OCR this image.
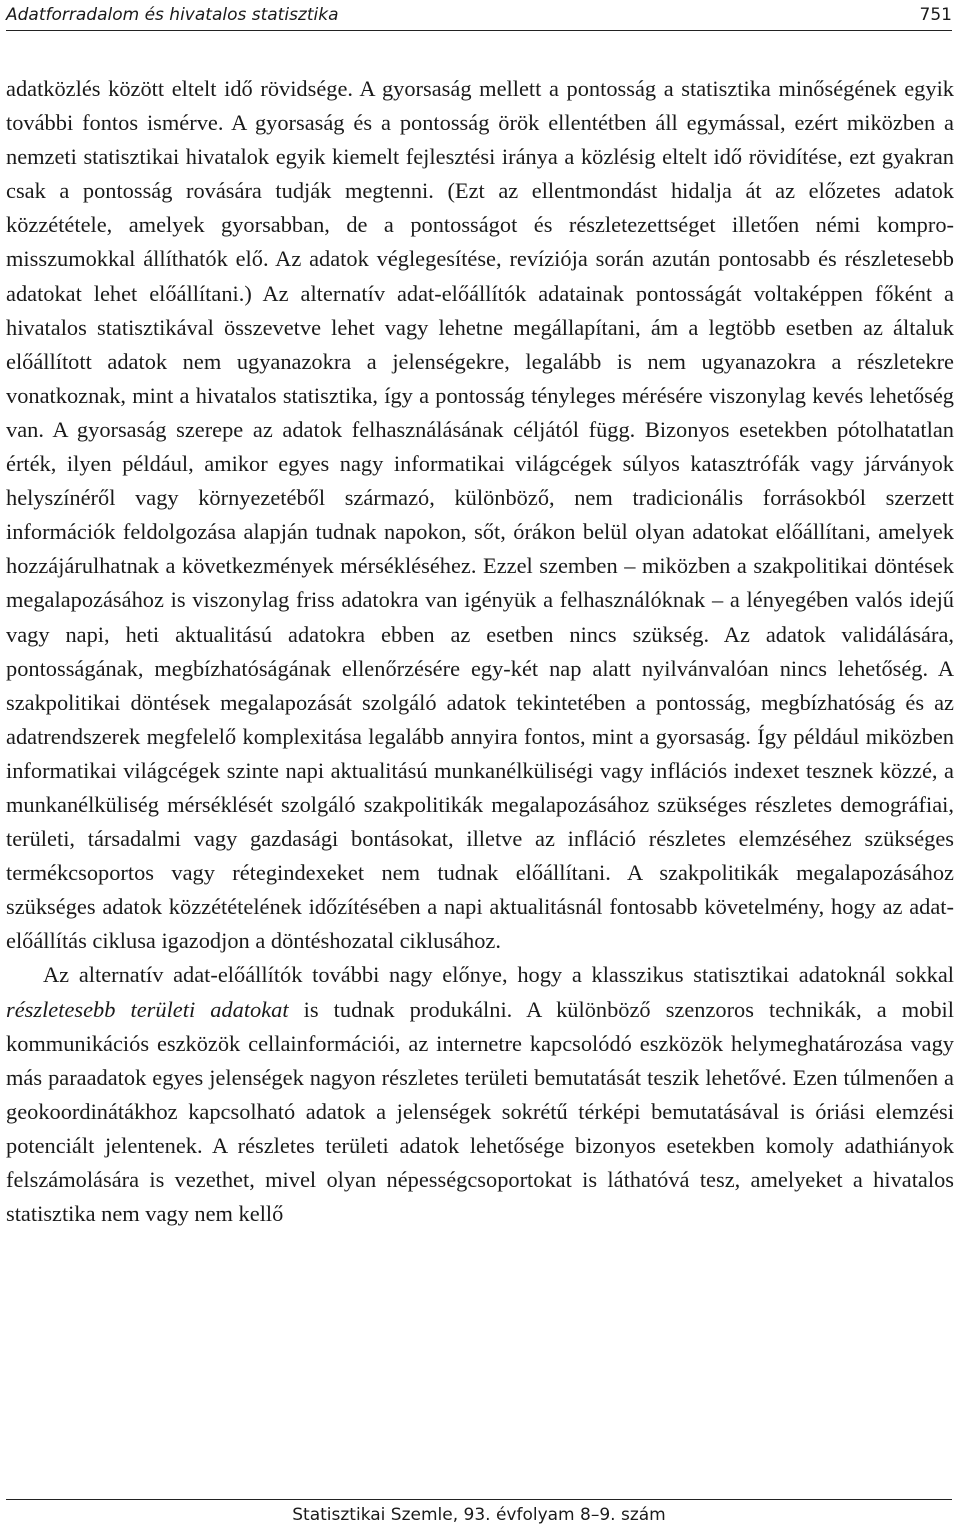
Adatforradalom és hivatalos statisztika	751

adatközlés között eltelt idő rövidsége. A gyorsaság mellett a pontosság a statisztika minőségének egyik további fontos ismérve. A gyorsaság és a pontosság örök ellentétben áll egymással, ezért miközben a nemzeti statisztikai hivatalok egyik kiemelt fejlesztési iránya a közlésig eltelt idő rövidítése, ezt gyakran csak a pontosság rovására tudják megtenni. (Ezt az ellentmondást hidalja át az előzetes adatok közzététele, amelyek gyorsabban, de a pontosságot és részletezettséget illetően némi kompromisszumokkal állíthatók elő. Az adatok véglegesítése, revíziója során azután pontosabb és részletesebb adatokat lehet előállítani.) Az alternatív adat-előállítók adatainak pontosságát voltaképpen főként a hivatalos statisztikával összevetve lehet vagy lehetne megállapítani, ám a legtöbb esetben az általuk előállított adatok nem ugyanazokra a jelenségekre, legalább is nem ugyanazokra a részletekre vonatkoznak, mint a hivatalos statisztika, így a pontosság tényleges mérésére viszonylag kevés lehetőség van. A gyorsaság szerepe az adatok felhasználásának céljától függ. Bizonyos esetekben pótolhatatlan érték, ilyen például, amikor egyes nagy informatikai világcégek súlyos katasztrófák vagy járványok helyszínéről vagy környezetéből származó, különböző, nem tradicionális forrásokból szerzett információk feldolgozása alapján tudnak napokon, sőt, órákon belül olyan adatokat előállítani, amelyek hozzájárulhatnak a következmények mérsékléséhez. Ezzel szemben – miközben a szakpolitikai döntések megalapozásához is viszonylag friss adatokra van igényük a felhasználóknak – a lényegében valós idejű vagy napi, heti aktualitású adatokra ebben az esetben nincs szükség. Az adatok validálására, pontosságának, megbízhatóságának ellenőrzésére egy-két nap alatt nyilvánvalóan nincs lehetőség. A szakpolitikai döntések megalapozását szolgáló adatok tekintetében a pontosság, megbízhatóság és az adatrendszerek megfelelő komplexitása legalább annyira fontos, mint a gyorsaság. Így például miközben informatikai világcégek szinte napi aktualitású munkanélküliségi vagy inflációs indexet tesznek közzé, a munkanélküliség mérséklését szolgáló szakpolitikák megalapozásához szükséges részletes demográfiai, területi, társadalmi vagy gazdasági bontásokat, illetve az infláció részletes elemzéséhez szükséges termékcsoportos vagy rétegindexeket nem tudnak előállítani. A szakpolitikák megalapozásához szükséges adatok közzétételének időzítésében a napi aktualitásnál fontosabb követelmény, hogy az adat-előállítás ciklusa igazodjon a döntéshozatal ciklusához.

Az alternatív adat-előállítók további nagy előnye, hogy a klasszikus statisztikai adatoknál sokkal részletesebb területi adatokat is tudnak produkálni. A különböző szenzoros technikák, a mobil kommunikációs eszközök cellainformációi, az internetre kapcsolódó eszközök helymeghatározása vagy más paraadatok egyes jelenségek nagyon részletes területi bemutatását teszik lehetővé. Ezen túlmenően a geokoordinátákhoz kapcsolható adatok a jelenségek sokrétű térképi bemutatásával is óriási elemzési potenciált jelentenek. A részletes területi adatok lehetősége bizonyos esetekben komoly adathiányok felszámolására is vezethet, mivel olyan népességcsoportokat is láthatóvá tesz, amelyeket a hivatalos statisztika nem vagy nem kellő

Statisztikai Szemle, 93. évfolyam 8–9. szám
